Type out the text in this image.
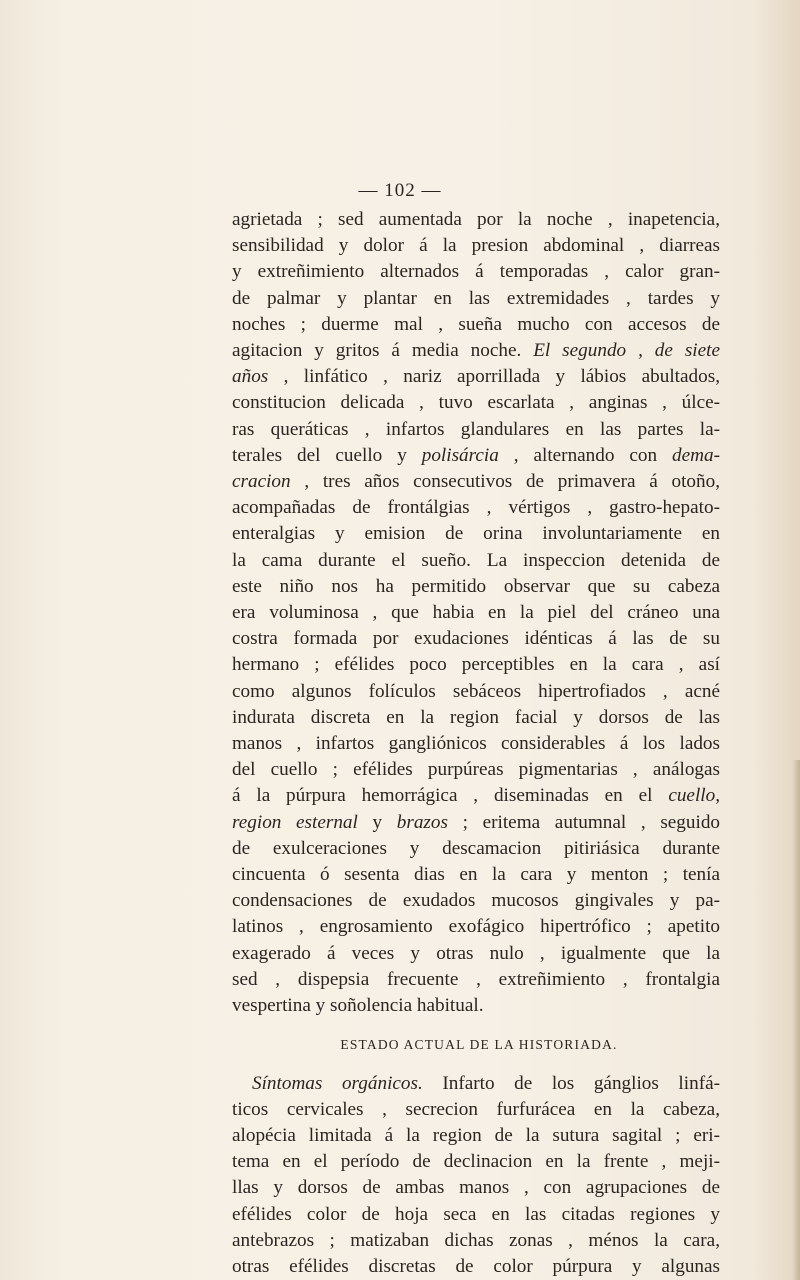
— 102 —
agrietada ; sed aumentada por la noche , inapetencia,
sensibilidad y dolor á la presion abdominal , diarreas
y extreñimiento alternados á temporadas , calor gran-
de palmar y plantar en las extremidades , tardes y
noches ; duerme mal , sueña mucho con accesos de
agitacion y gritos á media noche. El segundo , de siete
años , linfático , nariz aporrillada y lábios abultados,
constitucion delicada , tuvo escarlata , anginas , úlce-
ras queráticas , infartos glandulares en las partes la-
terales del cuello y polisárcia , alternando con dema-
cracion , tres años consecutivos de primavera á otoño,
acompañadas de frontálgias , vértigos , gastro-hepato-
enteralgias y emision de orina involuntariamente en
la cama durante el sueño. La inspeccion detenida de
este niño nos ha permitido observar que su cabeza
era voluminosa , que habia en la piel del cráneo una
costra formada por exudaciones idénticas á las de su
hermano ; efélides poco perceptibles en la cara , así
como algunos folículos sebáceos hipertrofiados , acné
indurata discreta en la region facial y dorsos de las
manos , infartos gangliónicos considerables á los lados
del cuello ; efélides purpúreas pigmentarias , análogas
á la púrpura hemorrágica , diseminadas en el cuello,
region esternal y brazos ; eritema autumnal , seguido
de exulceraciones y descamacion pitiriásica durante
cincuenta ó sesenta dias en la cara y menton ; tenía
condensaciones de exudados mucosos gingivales y pa-
latinos , engrosamiento exofágico hipertrófico ; apetito
exagerado á veces y otras nulo , igualmente que la
sed , dispepsia frecuente , extreñimiento , frontalgia
vespertina y soñolencia habitual.
ESTADO ACTUAL DE LA HISTORIADA.
Síntomas orgánicos. Infarto de los gánglios linfá-
ticos cervicales , secrecion furfurácea en la cabeza,
alopécia limitada á la region de la sutura sagital ; eri-
tema en el período de declinacion en la frente , meji-
llas y dorsos de ambas manos , con agrupaciones de
efélides color de hoja seca en las citadas regiones y
antebrazos ; matizaban dichas zonas , ménos la cara,
otras efélides discretas de color púrpura y algunas
